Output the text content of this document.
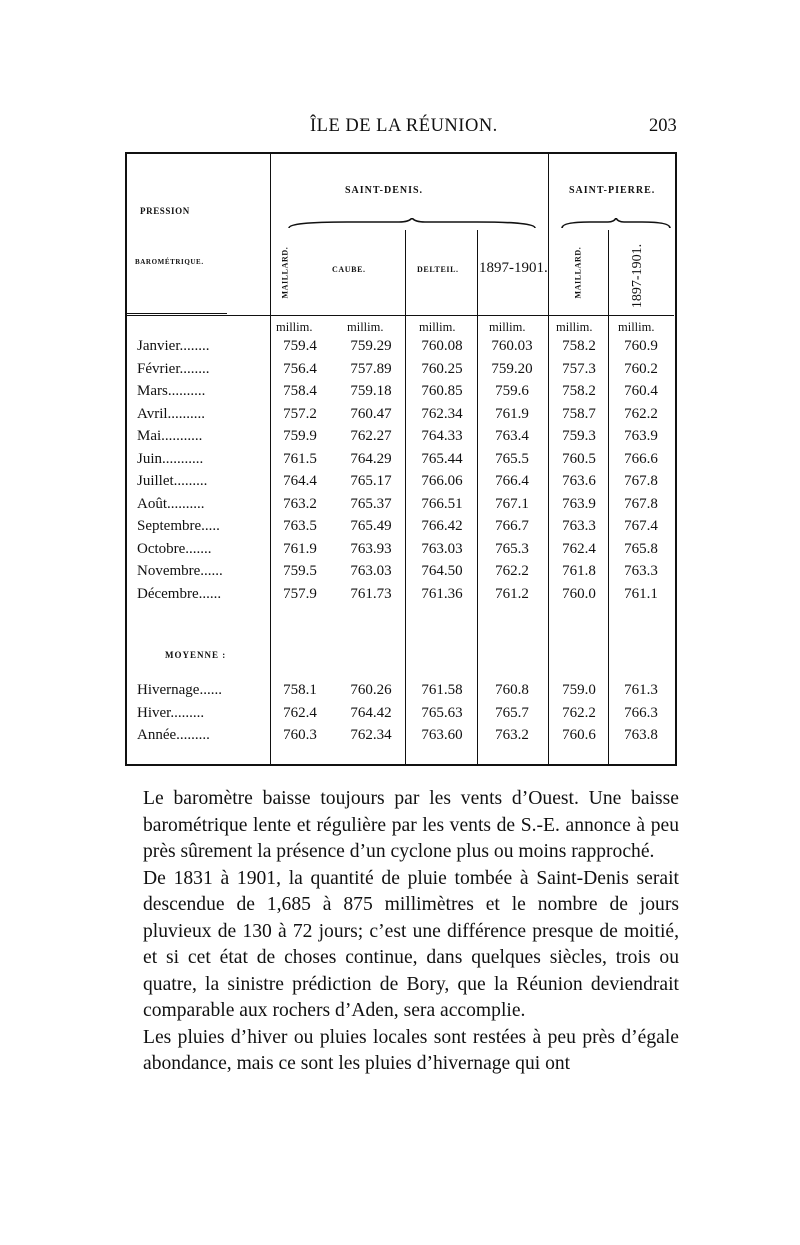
ÎLE DE LA RÉUNION.	203
PRESSION
BAROMÉTRIQUE.
SAINT-DENIS.	SAINT-PIERRE.
MAILLARD.	CAUBE.	DELTEIL. 1897-1901.	MAILLARD.	1897-1901.
millim.	millim.	millim.	millim. millim. millim.
Janvier........	759.4	759.29	760.08	760.03	758.2	760.9
Février........	756.4	757.89	760.25	759.20	757.3	760.2
Mars..........	758.4	759.18	760.85	759.6	758.2	760.4
Avril..........	757.2	760.47	762.34	761.9	758.7	762.2
Mai...........	759.9	762.27	764.33	763.4	759.3	763.9
Juin...........	761.5	764.29	765.44	765.5	760.5	766.6
Juillet.........	764.4	765.17	766.06	766.4	763.6	767.8
Août..........	763.2	765.37	766.51	767.1	763.9	767.8
Septembre.....	763.5	765.49	766.42	766.7	763.3	767.4
Octobre.......	761.9	763.93	763.03	765.3	762.4	765.8
Novembre......	759.5	763.03	764.50	762.2	761.8	763.3
Décembre......	757.9	761.73	761.36	761.2	760.0	761.1
MOYENNE :
Hivernage......	758.1	760.26	761.58	760.8	759.0	761.3
Hiver.........	762.4	764.42	765.63	765.7	762.2	766.3
Année.........	760.3	762.34	763.60	763.2	760.6	763.8

Le baromètre baisse toujours par les vents d’Ouest. Une baisse barométrique lente et régulière par les vents de S.-E. annonce à peu près sûrement la présence d’un cyclone plus ou moins rapproché.

De 1831 à 1901, la quantité de pluie tombée à Saint-Denis serait descendue de 1,685 à 875 millimètres et le nombre de jours pluvieux de 130 à 72 jours; c’est une différence presque de moitié, et si cet état de choses continue, dans quelques siècles, trois ou quatre, la sinistre prédiction de Bory, que la Réunion deviendrait comparable aux rochers d’Aden, sera accomplie.

Les pluies d’hiver ou pluies locales sont restées à peu près d’égale abondance, mais ce sont les pluies d’hivernage qui ont
